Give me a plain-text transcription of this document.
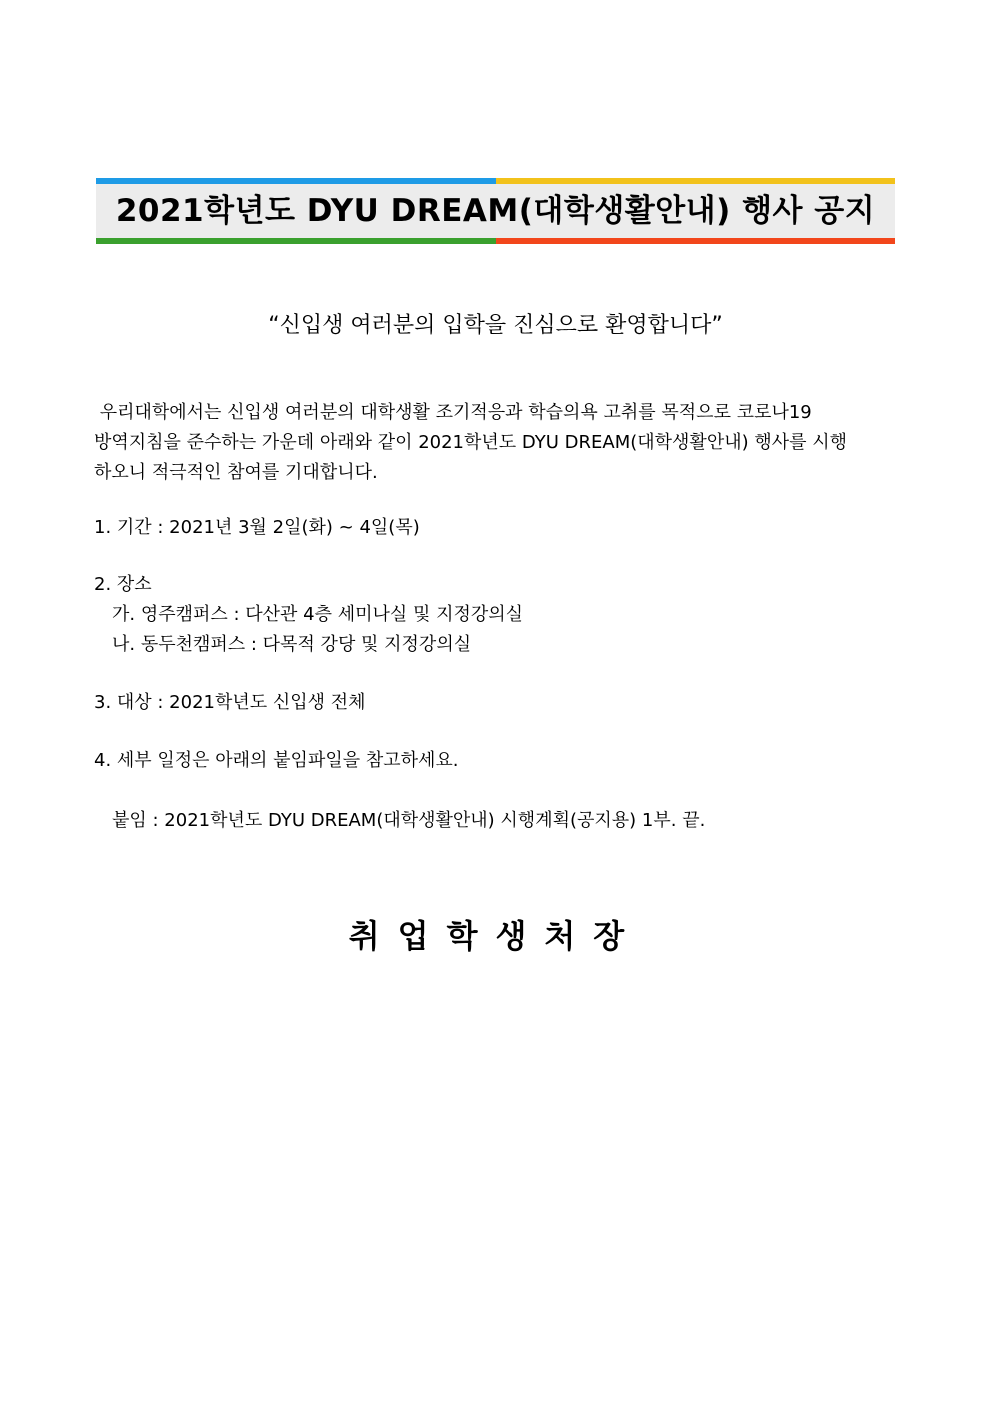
2021학년도 DYU DREAM(대학생활안내) 행사 공지
“신입생 여러분의 입학을 진심으로 환영합니다”
우리대학에서는 신입생 여러분의 대학생활 조기적응과 학습의욕 고취를 목적으로 코로나19
방역지침을 준수하는 가운데 아래와 같이 2021학년도 DYU DREAM(대학생활안내) 행사를 시행
하오니 적극적인 참여를 기대합니다.
1. 기간 : 2021년 3월 2일(화) ~ 4일(목)
2. 장소
가. 영주캠퍼스 : 다산관 4층 세미나실 및 지정강의실
나. 동두천캠퍼스 : 다목적 강당 및 지정강의실
3. 대상 : 2021학년도 신입생 전체
4. 세부 일정은 아래의 붙임파일을 참고하세요.
붙임 : 2021학년도 DYU DREAM(대학생활안내) 시행계획(공지용) 1부. 끝.
취업학생처장
